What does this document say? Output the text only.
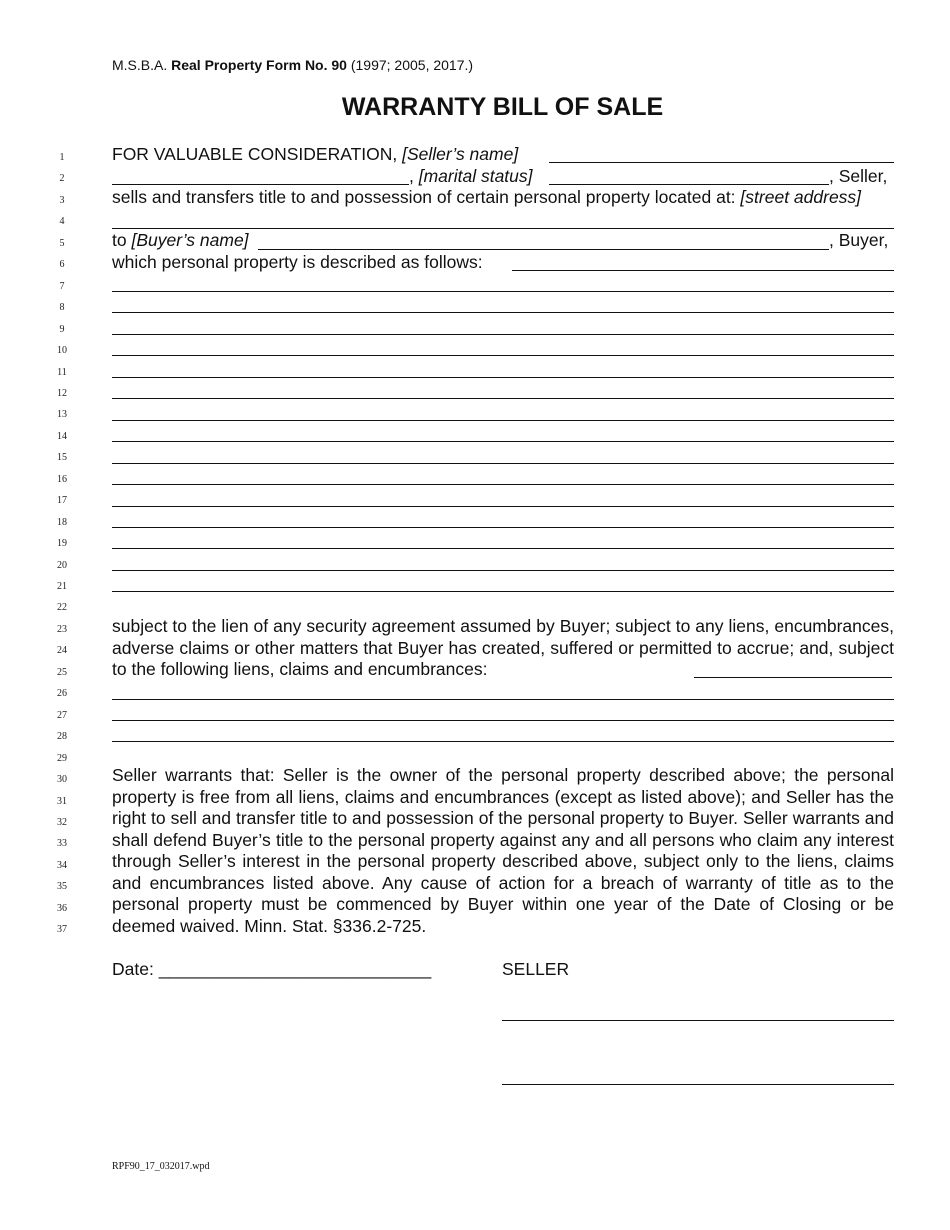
M.S.B.A. Real Property Form No. 90 (1997; 2005, 2017.)
WARRANTY BILL OF SALE
1
2
3
4
5
6
7
8
9
10
11
12
13
14
15
16
17
18
19
20
21
22
23
24
25
26
27
28
29
30
31
32
33
34
35
36
37
FOR VALUABLE CONSIDERATION, [Seller’s name]
, [marital status]	, Seller,
sells and transfers title to and possession of certain personal property located at: [street address]
to [Buyer’s name]	, Buyer,
which personal property is described as follows:
subject to the lien of any security agreement assumed by Buyer; subject to any liens, encumbrances, adverse claims or other matters that Buyer has created, suffered or permitted to accrue; and, subject to the following liens, claims and encumbrances:
Seller warrants that: Seller is the owner of the personal property described above; the personal property is free from all liens, claims and encumbrances (except as listed above); and Seller has the right to sell and transfer title to and possession of the personal property to Buyer. Seller warrants and shall defend Buyer’s title to the personal property against any and all persons who claim any interest through Seller’s interest in the personal property described above, subject only to the liens, claims and encumbrances listed above. Any cause of action for a breach of warranty of title as to the personal property must be commenced by Buyer within one year of the Date of Closing or be deemed waived. Minn. Stat. §336.2-725.
Date: ____________________________	SELLER
RPF90_17_032017.wpd
